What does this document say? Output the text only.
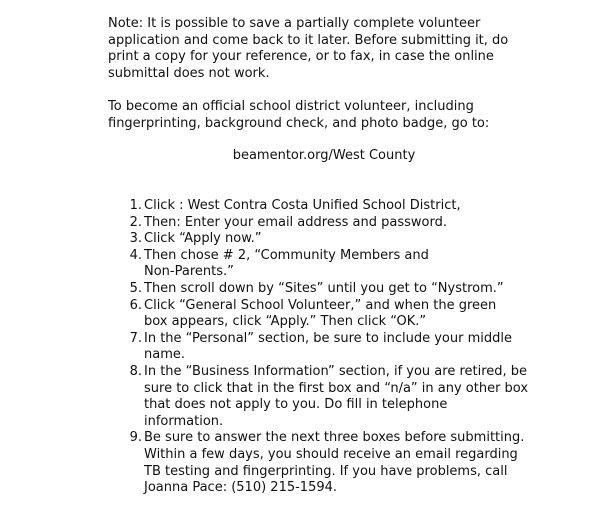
Note: It is possible to save a partially complete volunteer
application and come back to it later. Before submitting it, do
print a copy for your reference, or to fax, in case the online
submittal does not work.

To become an official school district volunteer, including
fingerprinting, background check, and photo badge, go to:

beamentor.org/West County

1. Click : West Contra Costa Unified School District,
2. Then: Enter your email address and password.
3. Click “Apply now.”
4. Then chose # 2, “Community Members and
Non-Parents.”
5. Then scroll down by “Sites” until you get to “Nystrom.”
6. Click “General School Volunteer,” and when the green
box appears, click “Apply.” Then click “OK.”
7. In the “Personal” section, be sure to include your middle
name.
8. In the “Business Information” section, if you are retired, be
sure to click that in the first box and “n/a” in any other box
that does not apply to you. Do fill in telephone
information.
9. Be sure to answer the next three boxes before submitting.
Within a few days, you should receive an email regarding
TB testing and fingerprinting. If you have problems, call
Joanna Pace: (510) 215-1594.
